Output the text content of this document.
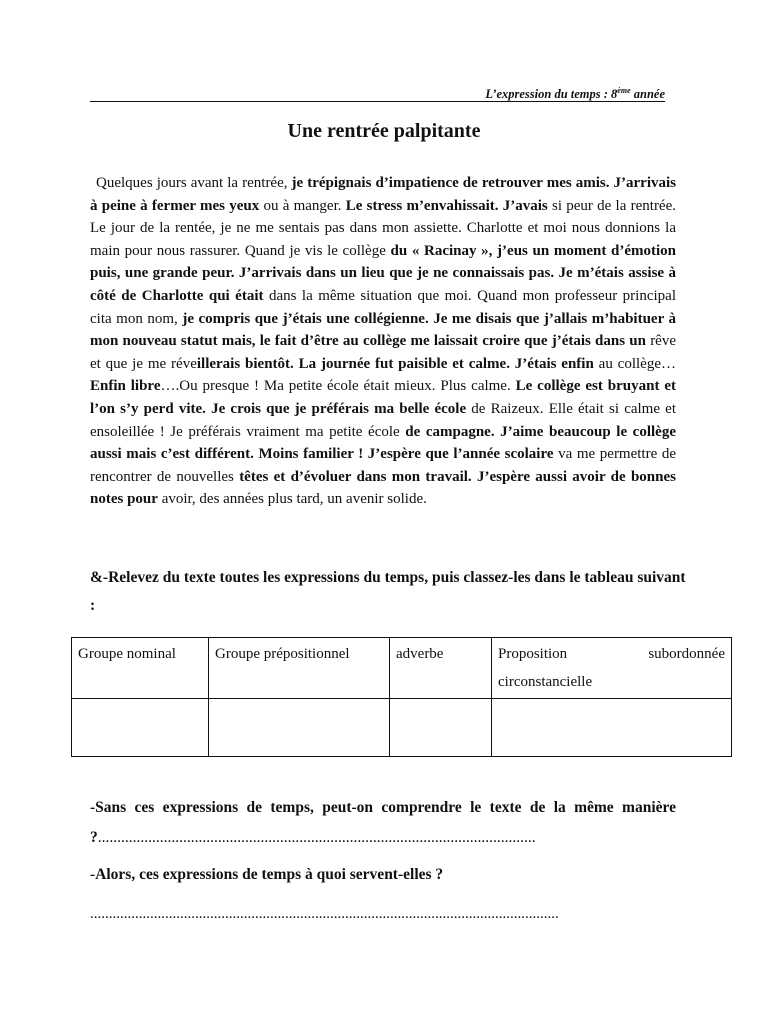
L’expression du temps : 8ème année
Une rentrée palpitante
Quelques jours avant la rentrée, je trépignais d’impatience de retrouver mes amis. J’arrivais à peine à fermer mes yeux ou à manger. Le stress m’envahissait. J’avais si peur de la rentrée. Le jour de la rentée, je ne me sentais pas dans mon assiette. Charlotte et moi nous donnions la main pour nous rassurer. Quand je vis le collège du « Racinay », j’eus un moment d’émotion puis, une grande peur. J’arrivais dans un lieu que je ne connaissais pas. Je m’étais assise à côté de Charlotte qui était dans la même situation que moi. Quand mon professeur principal cita mon nom, je compris que j’étais une collégienne. Je me disais que j’allais m’habituer à mon nouveau statut mais, le fait d’être au collège me laissait croire que j’étais dans un rêve et que je me réveillerais bientôt. La journée fut paisible et calme. J’étais enfin au collège… Enfin libre….Ou presque ! Ma petite école était mieux. Plus calme. Le collège est bruyant et l’on s’y perd vite. Je crois que je préférais ma belle école de Raizeux. Elle était si calme et ensoleillée ! Je préférais vraiment ma petite école de campagne. J’aime beaucoup le collège aussi mais c’est différent. Moins familier ! J’espère que l’année scolaire va me permettre de rencontrer de nouvelles têtes et d’évoluer dans mon travail. J’espère aussi avoir de bonnes notes pour avoir, des années plus tard, un avenir solide.
&-Relevez du texte toutes les expressions du temps, puis classez-les dans le tableau suivant :
Groupe nominal	Groupe prépositionnel	adverbe	Proposition subordonnée
circonstancielle

-Sans ces expressions de temps, peut-on comprendre le texte de la même manière ?.................................................................................................................
-Alors, ces expressions de temps à quoi servent-elles ?
.............................................................................................................................
